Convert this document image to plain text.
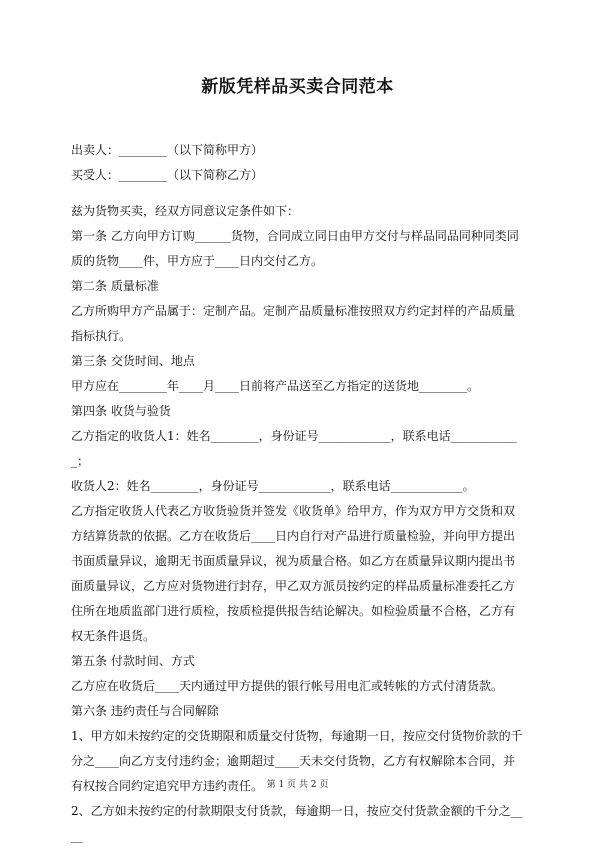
新版凭样品买卖合同范本

出卖人：________（以下简称甲方）

买受人：________（以下简称乙方）

兹为货物买卖，经双方同意议定条件如下：

第一条 乙方向甲方订购______货物，合同成立同日由甲方交付与样品同品同种同类同质的货物____件，甲方应于____日内交付乙方。

第二条 质量标准

乙方所购甲方产品属于：定制产品。定制产品质量标准按照双方约定封样的产品质量指标执行。

第三条 交货时间、地点

甲方应在________年____月____日前将产品送至乙方指定的送货地________。

第四条 收货与验货

乙方指定的收货人1：姓名________，身份证号____________，联系电话____________；

收货人2：姓名________，身份证号____________，联系电话____________。

乙方指定收货人代表乙方收货验货并签发《收货单》给甲方，作为双方甲方交货和双方结算货款的依据。乙方在收货后____日内自行对产品进行质量检验，并向甲方提出书面质量异议，逾期无书面质量异议，视为质量合格。如乙方在质量异议期内提出书面质量异议，乙方应对货物进行封存，甲乙双方派员按约定的样品质量标准委托乙方住所在地质监部门进行质检，按质检提供报告结论解决。如检验质量不合格，乙方有权无条件退货。

第五条 付款时间、方式

乙方应在收货后____天内通过甲方提供的银行帐号用电汇或转帐的方式付清货款。

第六条 违约责任与合同解除

1、甲方如未按约定的交货期限和质量交付货物，每逾期一日，按应交付货物价款的千分之____向乙方支付违约金；逾期超过____天未交付货物，乙方有权解除本合同，并有权按合同约定追究甲方违约责任。

2、乙方如未按约定的付款期限支付货款，每逾期一日，按应交付货款金额的千分之____

第 1 页 共 2 页
